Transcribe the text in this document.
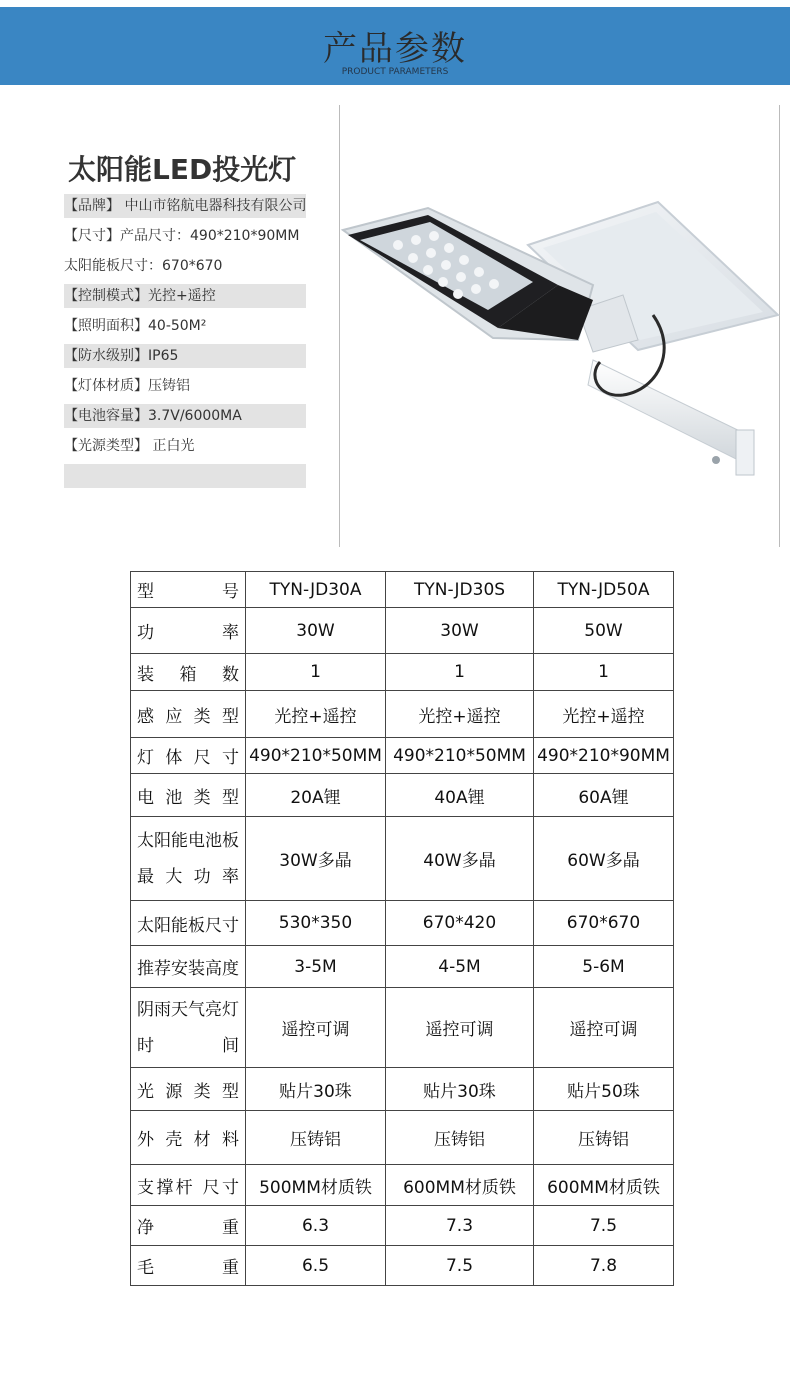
产品参数
PRODUCT PARAMETERS
太阳能LED投光灯
【品牌】 中山市铭航电器科技有限公司
【尺寸】产品尺寸：490*210*90MM
太阳能板尺寸：670*670
【控制模式】光控+遥控
【照明面积】40-50M²
【防水级别】IP65
【灯体材质】压铸铝
【电池容量】3.7V/6000MA
【光源类型】 正白光
型号	TYN-JD30A	TYN-JD30S	TYN-JD50A
功率	30W	30W	50W
装箱数	1	1	1
感应类型	光控+遥控	光控+遥控	光控+遥控
灯体尺寸	490*210*50MM	490*210*50MM	490*210*90MM
电池类型	20A锂	40A锂	60A锂

太阳能电池板
最大功率	30W多晶	40W多晶	60W多晶
太阳能板尺寸	530*350	670*420	670*670
推荐安装高度	3-5M	4-5M	5-6M

阴雨天气亮灯
时间	遥控可调	遥控可调	遥控可调
光源类型	贴片30珠	贴片30珠	贴片50珠
外壳材料	压铸铝	压铸铝	压铸铝
支撑杆 尺寸	500MM材质铁	600MM材质铁	600MM材质铁
净重	6.3	7.3	7.5
毛重	6.5	7.5	7.8
